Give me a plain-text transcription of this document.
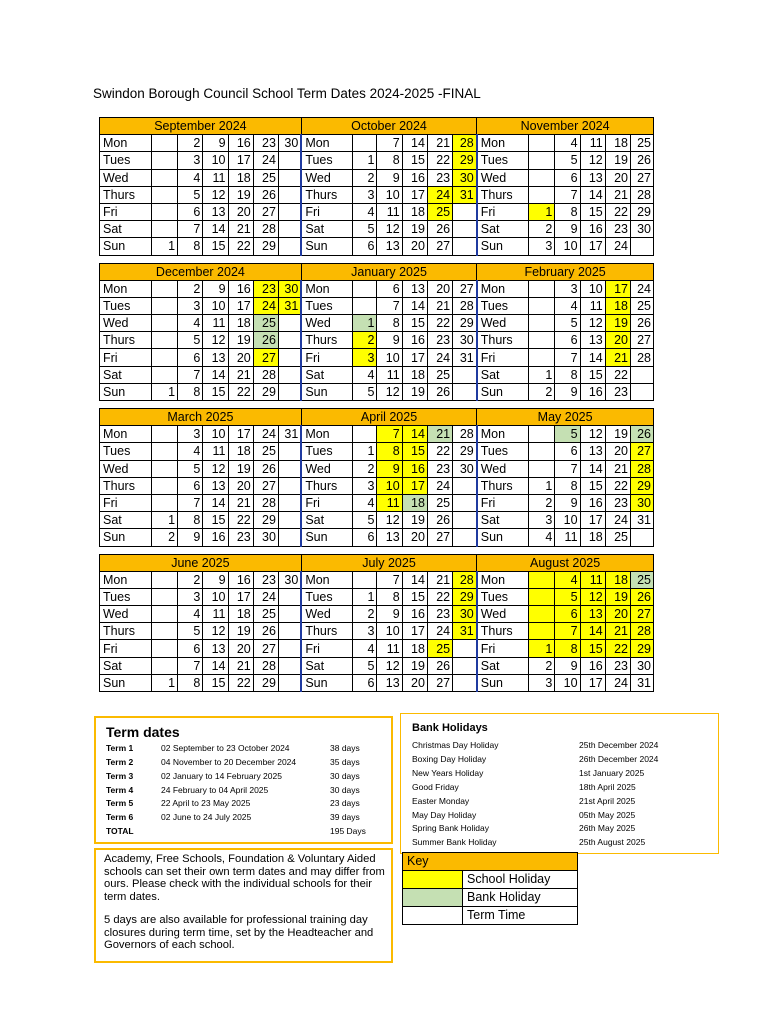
Swindon Borough Council School Term Dates 2024-2025 -FINAL
September 2024							October 2024						November 2024					
Mon		2	9	16	23	30	Mon		7	14	21	28	Mon		4	11	18	25
Tues		3	10	17	24		Tues	1	8	15	22	29	Tues		5	12	19	26
Wed		4	11	18	25		Wed	2	9	16	23	30	Wed		6	13	20	27
Thurs		5	12	19	26		Thurs	3	10	17	24	31	Thurs		7	14	21	28
Fri		6	13	20	27		Fri	4	11	18	25		Fri	1	8	15	22	29
Sat		7	14	21	28		Sat	5	12	19	26		Sat	2	9	16	23	30
Sun	1	8	15	22	29		Sun	6	13	20	27		Sun	3	10	17	24	

December 2024							January 2025						February 2025					
Mon		2	9	16	23	30	Mon		6	13	20	27	Mon		3	10	17	24
Tues		3	10	17	24	31	Tues		7	14	21	28	Tues		4	11	18	25
Wed		4	11	18	25		Wed	1	8	15	22	29	Wed		5	12	19	26
Thurs		5	12	19	26		Thurs	2	9	16	23	30	Thurs		6	13	20	27
Fri		6	13	20	27		Fri	3	10	17	24	31	Fri		7	14	21	28
Sat		7	14	21	28		Sat	4	11	18	25		Sat	1	8	15	22	
Sun	1	8	15	22	29		Sun	5	12	19	26		Sun	2	9	16	23	

March 2025							April 2025						May 2025					
Mon		3	10	17	24	31	Mon		7	14	21	28	Mon		5	12	19	26
Tues		4	11	18	25		Tues	1	8	15	22	29	Tues		6	13	20	27
Wed		5	12	19	26		Wed	2	9	16	23	30	Wed		7	14	21	28
Thurs		6	13	20	27		Thurs	3	10	17	24		Thurs	1	8	15	22	29
Fri		7	14	21	28		Fri	4	11	18	25		Fri	2	9	16	23	30
Sat	1	8	15	22	29		Sat	5	12	19	26		Sat	3	10	17	24	31
Sun	2	9	16	23	30		Sun	6	13	20	27		Sun	4	11	18	25	

June 2025							July 2025						August 2025					
Mon		2	9	16	23	30	Mon		7	14	21	28	Mon		4	11	18	25
Tues		3	10	17	24		Tues	1	8	15	22	29	Tues		5	12	19	26
Wed		4	11	18	25		Wed	2	9	16	23	30	Wed		6	13	20	27
Thurs		5	12	19	26		Thurs	3	10	17	24	31	Thurs		7	14	21	28
Fri		6	13	20	27		Fri	4	11	18	25		Fri	1	8	15	22	29
Sat		7	14	21	28		Sat	5	12	19	26		Sat	2	9	16	23	30
Sun	1	8	15	22	29		Sun	6	13	20	27		Sun	3	10	17	24	31
Term dates
Term 1	02 September to 23 October 2024	38 days
Term 2	04 November to 20 December 2024	35 days
Term 3	02 January to 14 February 2025	30 days
Term 4	24 February to 04 April 2025	30 days
Term 5	22 April to 23 May 2025	23 days
Term 6	02 June to 24 July 2025	39 days
TOTAL	195 Days
Bank Holidays
Christmas Day Holiday	25th December 2024
Boxing Day Holiday	26th December 2024
New Years Holiday	1st January 2025
Good Friday	18th April 2025
Easter Monday	21st April 2025
May Day Holiday	05th May 2025
Spring Bank Holiday	26th May 2025
Summer Bank Holiday	25th August 2025
Academy, Free Schools, Foundation & Voluntary Aided schools can set their own term dates and may differ from ours. Please check with the individual schools for their term dates.
5 days are also available for professional training day closures during term time, set by the Headteacher and Governors of each school.
Key	
	School Holiday
	Bank Holiday
	Term Time
